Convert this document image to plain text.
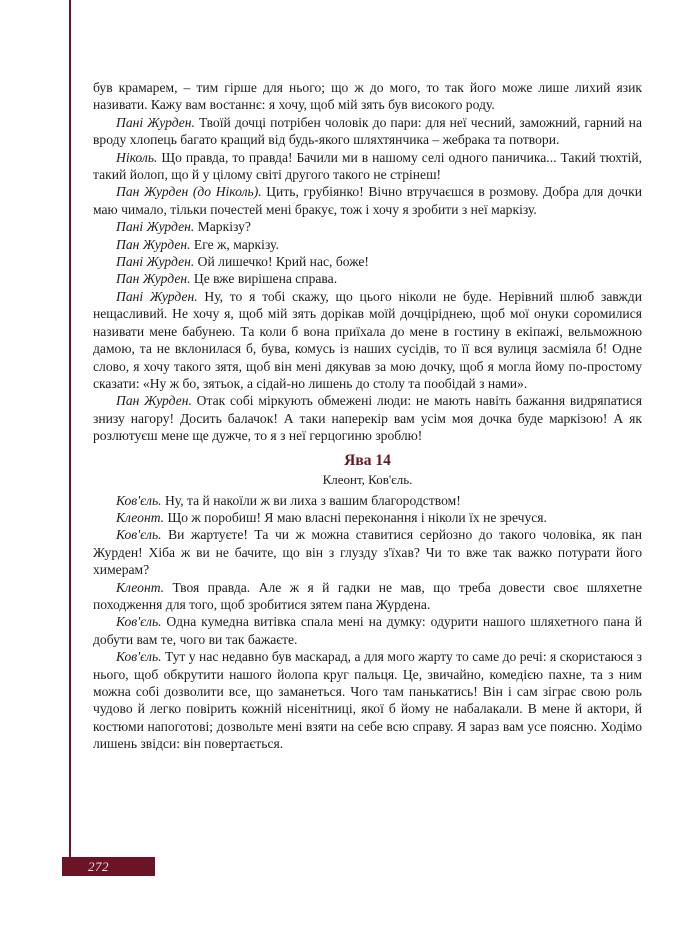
був крамарем, – тим гірше для нього; що ж до мого, то так його може лише лихий язик називати. Кажу вам востаннє: я хочу, щоб мій зять був високого роду.

Пані Журден. Твоїй дочці потрібен чоловік до пари: для неї чесний, заможний, гарний на вроду хлопець багато кращий від будь-якого шляхтянчика – жебрака та потвори.

Ніколь. Що правда, то правда! Бачили ми в нашому селі одного паничика... Такий тюхтій, такий йолоп, що й у цілому світі другого такого не стрінеш!

Пан Журден (до Ніколь). Цить, грубіянко! Вічно втручаєшся в розмову. Добра для дочки маю чимало, тільки почестей мені бракує, тож і хочу я зробити з неї маркізу.

Пані Журден. Маркізу?

Пан Журден. Еге ж, маркізу.

Пані Журден. Ой лишечко! Крий нас, боже!

Пан Журден. Це вже вирішена справа.

Пані Журден. Ну, то я тобі скажу, що цього ніколи не буде. Нерівний шлюб завжди нещасливий. Не хочу я, щоб мій зять дорікав моїй дочціріднею, щоб мої онуки соромилися називати мене бабунею. Та коли б вона приїхала до мене в гостину в екіпажі, вельможною дамою, та не вклонилася б, бува, комусь із наших сусідів, то її вся вулиця засміяла б! Одне слово, я хочу такого зятя, щоб він мені дякував за мою дочку, щоб я могла йому по-простому сказати: «Ну ж бо, зятьок, а сідай-но лишень до столу та пообідай з нами».

Пан Журден. Отак собі міркують обмежені люди: не мають навіть бажання видряпатися знизу нагору! Досить балачок! А таки наперекір вам усім моя дочка буде маркізою! А як розлютуєш мене ще дужче, то я з неї герцогиню зроблю!

Ява 14
Клеонт, Ков'єль.

Ков'єль. Ну, та й накоїли ж ви лиха з вашим благородством!

Клеонт. Що ж поробиш! Я маю власні переконання і ніколи їх не зречуся.

Ков'єль. Ви жартуєте! Та чи ж можна ставитися серйозно до такого чоловіка, як пан Журден! Хіба ж ви не бачите, що він з глузду з'їхав? Чи то вже так важко потурати його химерам?

Клеонт. Твоя правда. Але ж я й гадки не мав, що треба довести своє шляхетне походження для того, щоб зробитися зятем пана Журдена.

Ков'єль. Одна кумедна витівка спала мені на думку: одурити нашого шляхетного пана й добути вам те, чого ви так бажаєте.

Ков'єль. Тут у нас недавно був маскарад, а для мого жарту то саме до речі: я скористаюся з нього, щоб обкрутити нашого йолопа круг пальця. Це, звичайно, комедією пахне, та з ним можна собі дозволити все, що заманеться. Чого там панькатись! Він і сам зіграє свою роль чудово й легко повірить кожній нісенітниці, якої б йому не набалакали. В мене й актори, й костюми напоготові; дозвольте мені взяти на себе всю справу. Я зараз вам усе поясню. Ходімо лишень звідси: він повертається.

272
